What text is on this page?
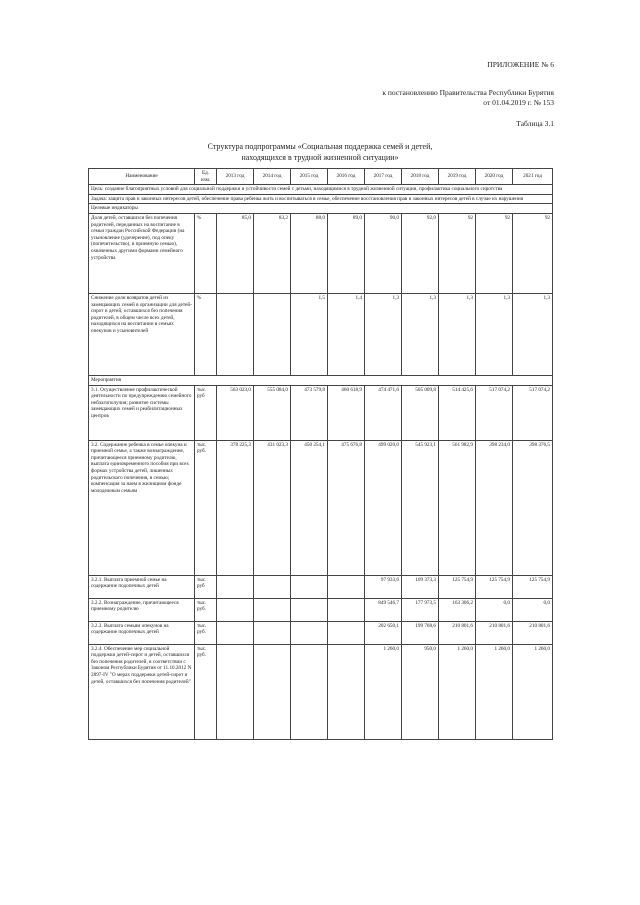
ПРИЛОЖЕНИЕ № 6
к постановлению Правительства Республики Бурятия
от 01.04.2019 г. № 153
Таблица 3.1
Структура подпрограммы «Социальная поддержка семей и детей,
находящихся в трудной жизненной ситуации»
Наименование	Ед. изм.	2013 год	2014 год	2015 год	2016 год	2017 год	2018 год	2019 год	2020 год	2021 год
Цель: создание благоприятных условий для социальной поддержки и устойчивости семей с детьми, находящимися в трудной жизненной ситуации, профилактика социального сиротства										
Задача: защита прав и законных интересов детей, обеспечение права ребенка жить и воспитываться в семье, обеспечение восстановления прав и законных интересов детей в случае их нарушения										
Целевые индикаторы										
Доля детей, оставшихся без попечения родителей, переданных на воспитание в семьи граждан Российской Федерации (на усыновление (удочерение), под опеку (попечительство), в приемную семью), охваченных другими формами семейного устройства	%	85,0	83,2	88,0	89,0	90,0	92,0	92	92	92
Снижение доли возвратов детей из замещающих семей в организации для детей-сирот и детей, оставшихся без попечения родителей, в общем числе всех детей, находящихся на воспитании в семьях опекунов и усыновителей	%			1,5	1,4	1,3	1,3	1,3	1,3	1,3
Мероприятия										
3.1. Осуществление профилактической деятельности по предупреждению семейного неблагополучия; развитие системы замещающих семей и реабилитационных центров	тыс. руб	563 023,0	555 084,0	473 579,8	460 618,9	474 471,6	505 009,8	514 425,6	517 074,2	517 074,2
3.2. Содержание ребенка в семье опекуна и приемной семье, а также вознаграждение, причитающееся приемному родителю, выплата единовременного пособия при всех формах устройства детей, лишенных родительского попечения, в семью; компенсация за наем в жилищном фонде молодежным семьям	тыс. руб.	378 225,3	431 023,3	450 254,1	475 676,8	499 020,0	545 923,1	561 982,9	398 234,0	398 376,5
3.2.1. Выплата приемной семье на содержание подопечных детей	тыс. руб					97 933,6	109 373,3	125 754,9	125 754,9	125 754,9
3.2.2. Вознаграждение, причитающееся приемному родителю	тыс. руб.					849 546,7	177 973,5	163 306,2	0,0	0,0
3.2.3. Выплата семьям опекунов на содержание подопечных детей	тыс. руб.					202 650,1	199 768,6	210 801,6	210 801,6	210 801,6
3.2.4. Обеспечение мер социальной поддержки детей-сирот и детей, оставшихся без попечения родителей, в соответствии с Законом Республики Бурятия от 11.10.2012 N 2897-IV "О мерах поддержки детей-сирот и детей, оставшихся без попечения родителей"	тыс. руб.					1 260,0	950,0	1 260,0	1 260,0	1 260,0
